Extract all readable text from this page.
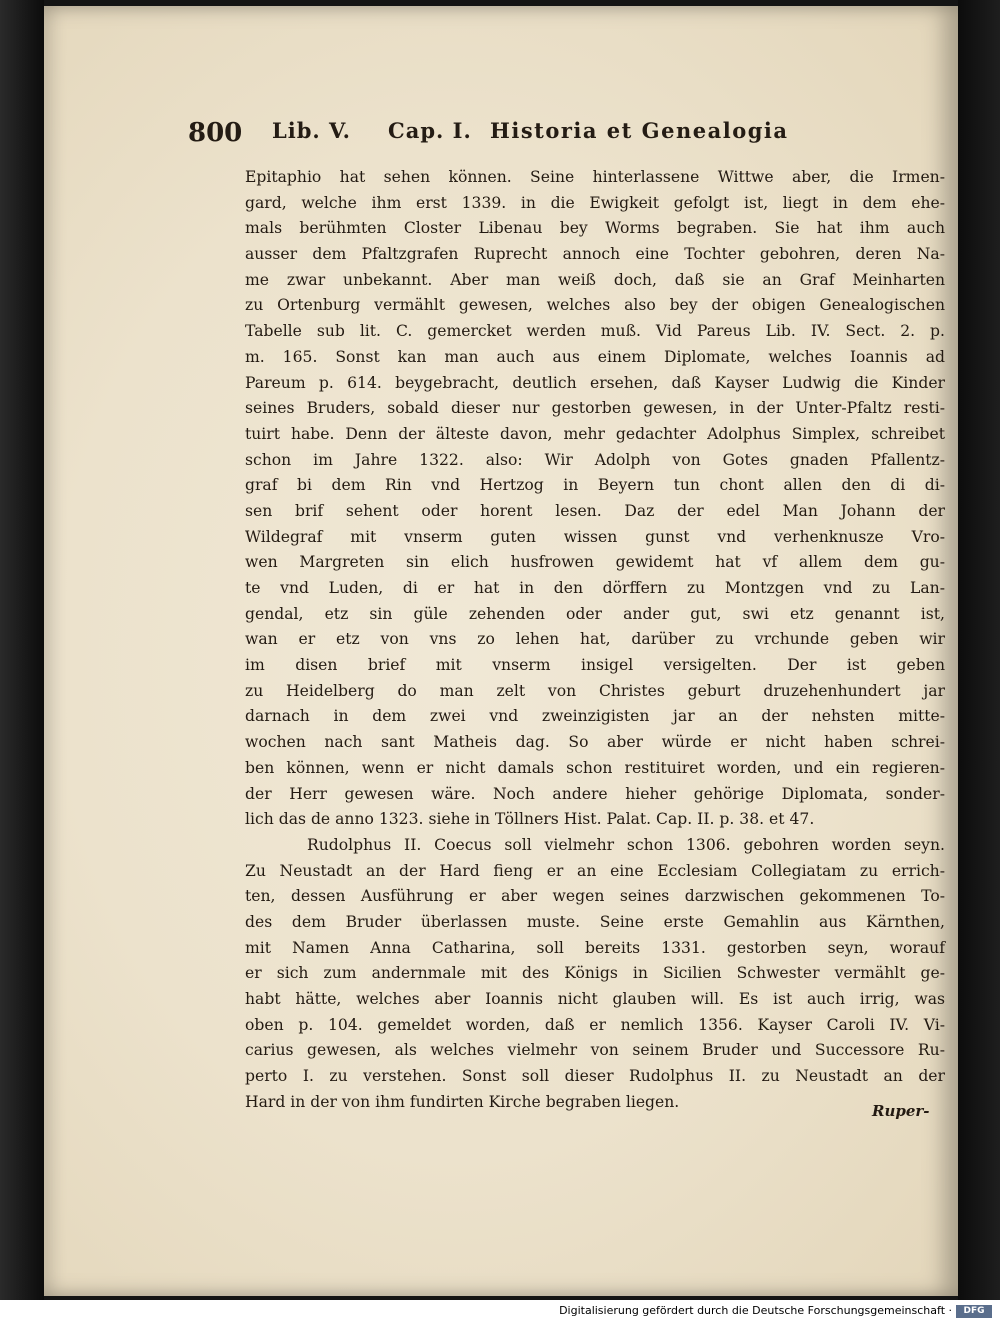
800 Lib. V. Cap. I. Historia et Genealogia
Epitaphio hat sehen können. Seine hinterlassene Wittwe aber, die Irmen-
gard, welche ihm erst 1339. in die Ewigkeit gefolgt ist, liegt in dem ehe-
mals berühmten Closter Libenau bey Worms begraben. Sie hat ihm auch
ausser dem Pfaltzgrafen Ruprecht annoch eine Tochter gebohren, deren Na-
me zwar unbekannt. Aber man weiß doch, daß sie an Graf Meinharten
zu Ortenburg vermählt gewesen, welches also bey der obigen Genealogischen
Tabelle sub lit. C. gemercket werden muß. Vid Pareus Lib. IV. Sect. 2. p.
m. 165. Sonst kan man auch aus einem Diplomate, welches Ioannis ad
Pareum p. 614. beygebracht, deutlich ersehen, daß Kayser Ludwig die Kinder
seines Bruders, sobald dieser nur gestorben gewesen, in der Unter-Pfaltz resti-
tuirt habe. Denn der älteste davon, mehr gedachter Adolphus Simplex, schreibet
schon im Jahre 1322. also: Wir Adolph von Gotes gnaden Pfallentz-
graf bi dem Rin vnd Hertzog in Beyern tun chont allen den di di-
sen brif sehent oder horent lesen. Daz der edel Man Johann der
Wildegraf mit vnserm guten wissen gunst vnd verhenknusze Vro-
wen Margreten sin elich husfrowen gewidemt hat vf allem dem gu-
te vnd Luden, di er hat in den dörffern zu Montzgen vnd zu Lan-
gendal, etz sin güle zehenden oder ander gut, swi etz genannt ist,
wan er etz von vns zo lehen hat, darüber zu vrchunde geben wir
im disen brief mit vnserm insigel versigelten. Der ist geben
zu Heidelberg do man zelt von Christes geburt druzehenhundert jar
darnach in dem zwei vnd zweinzigisten jar an der nehsten mitte-
wochen nach sant Matheis dag. So aber würde er nicht haben schrei-
ben können, wenn er nicht damals schon restituiret worden, und ein regieren-
der Herr gewesen wäre. Noch andere hieher gehörige Diplomata, sonder-
lich das de anno 1323. siehe in Töllners Hist. Palat. Cap. II. p. 38. et 47.
Rudolphus II. Coecus soll vielmehr schon 1306. gebohren worden seyn.
Zu Neustadt an der Hard fieng er an eine Ecclesiam Collegiatam zu errich-
ten, dessen Ausführung er aber wegen seines darzwischen gekommenen To-
des dem Bruder überlassen muste. Seine erste Gemahlin aus Kärnthen,
mit Namen Anna Catharina, soll bereits 1331. gestorben seyn, worauf
er sich zum andernmale mit des Königs in Sicilien Schwester vermählt ge-
habt hätte, welches aber Ioannis nicht glauben will. Es ist auch irrig, was
oben p. 104. gemeldet worden, daß er nemlich 1356. Kayser Caroli IV. Vi-
carius gewesen, als welches vielmehr von seinem Bruder und Successore Ru-
perto I. zu verstehen. Sonst soll dieser Rudolphus II. zu Neustadt an der
Hard in der von ihm fundirten Kirche begraben liegen.
Ruper-
Digitalisierung gefördert durch die Deutsche Forschungsgemeinschaft ·	DFG
